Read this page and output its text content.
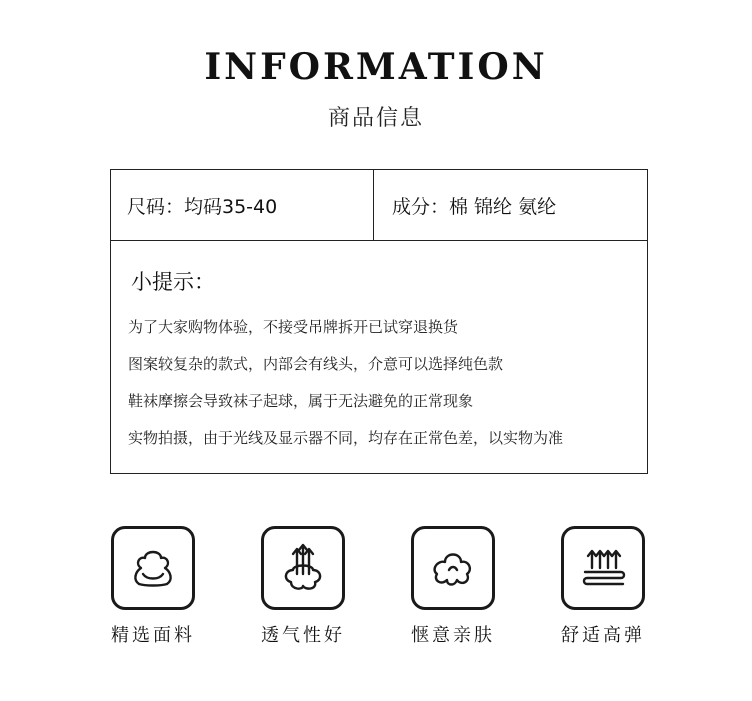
INFORMATION
商品信息
尺码：均码35-40	成分：棉 锦纶 氨纶
小提示：
为了大家购物体验，不接受吊牌拆开已试穿退换货
图案较复杂的款式，内部会有线头，介意可以选择纯色款
鞋袜摩擦会导致袜子起球，属于无法避免的正常现象
实物拍摄，由于光线及显示器不同，均存在正常色差，以实物为准
精选面料	透气性好	惬意亲肤	舒适高弹
